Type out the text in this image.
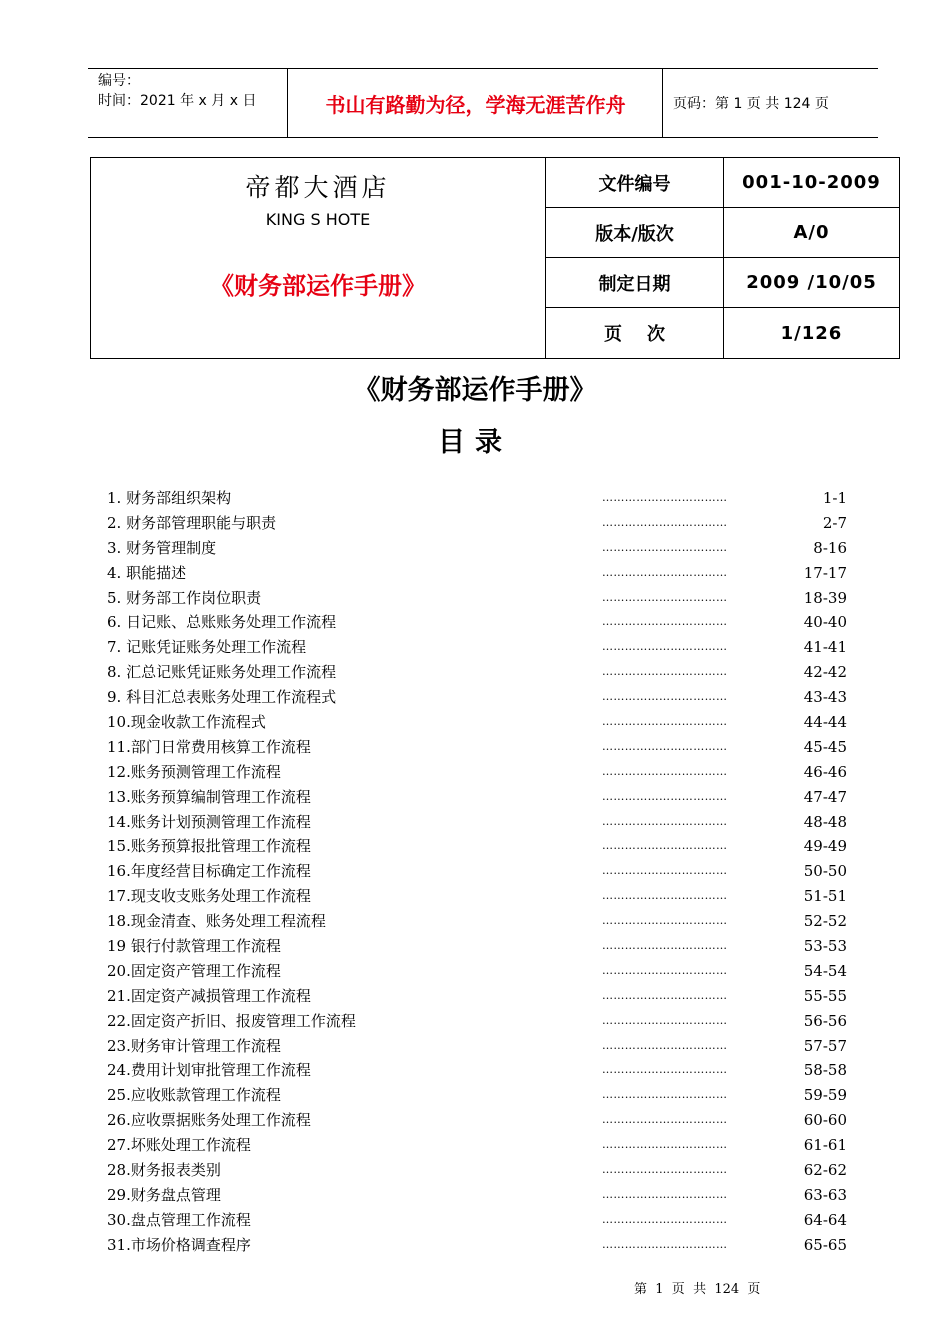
编号：
时间：2021 年 x 月 x 日	书山有路勤为径，学海无涯苦作舟	页码：第 1 页 共 124 页
帝都大酒店
KING S HOTE
《财务部运作手册》
文件编号	001-10-2009
版本/版次	A/0
制定日期	2009 /10/05
页    次	1/126
《财务部运作手册》
目录
1. 财务部组织架构	……………………………	1-1
2. 财务部管理职能与职责	……………………………	2-7
3. 财务管理制度	……………………………	8-16
4. 职能描述	……………………………	17-17
5. 财务部工作岗位职责	……………………………	18-39
6. 日记账、总账账务处理工作流程	……………………………	40-40
7. 记账凭证账务处理工作流程	……………………………	41-41
8. 汇总记账凭证账务处理工作流程	……………………………	42-42
9. 科目汇总表账务处理工作流程式	……………………………	43-43
10.现金收款工作流程式	……………………………	44-44
11.部门日常费用核算工作流程	……………………………	45-45
12.账务预测管理工作流程	……………………………	46-46
13.账务预算编制管理工作流程	……………………………	47-47
14.账务计划预测管理工作流程	……………………………	48-48
15.账务预算报批管理工作流程	……………………………	49-49
16.年度经营目标确定工作流程	……………………………	50-50
17.现支收支账务处理工作流程	……………………………	51-51
18.现金清查、账务处理工程流程	……………………………	52-52
19 银行付款管理工作流程	……………………………	53-53
20.固定资产管理工作流程	……………………………	54-54
21.固定资产减损管理工作流程	……………………………	55-55
22.固定资产折旧、报废管理工作流程	……………………………	56-56
23.财务审计管理工作流程	……………………………	57-57
24.费用计划审批管理工作流程	……………………………	58-58
25.应收账款管理工作流程	……………………………	59-59
26.应收票据账务处理工作流程	……………………………	60-60
27.坏账处理工作流程	……………………………	61-61
28.财务报表类别	……………………………	62-62
29.财务盘点管理	……………………………	63-63
30.盘点管理工作流程	……………………………	64-64
31.市场价格调查程序	……………………………	65-65
第  1  页  共  124  页
